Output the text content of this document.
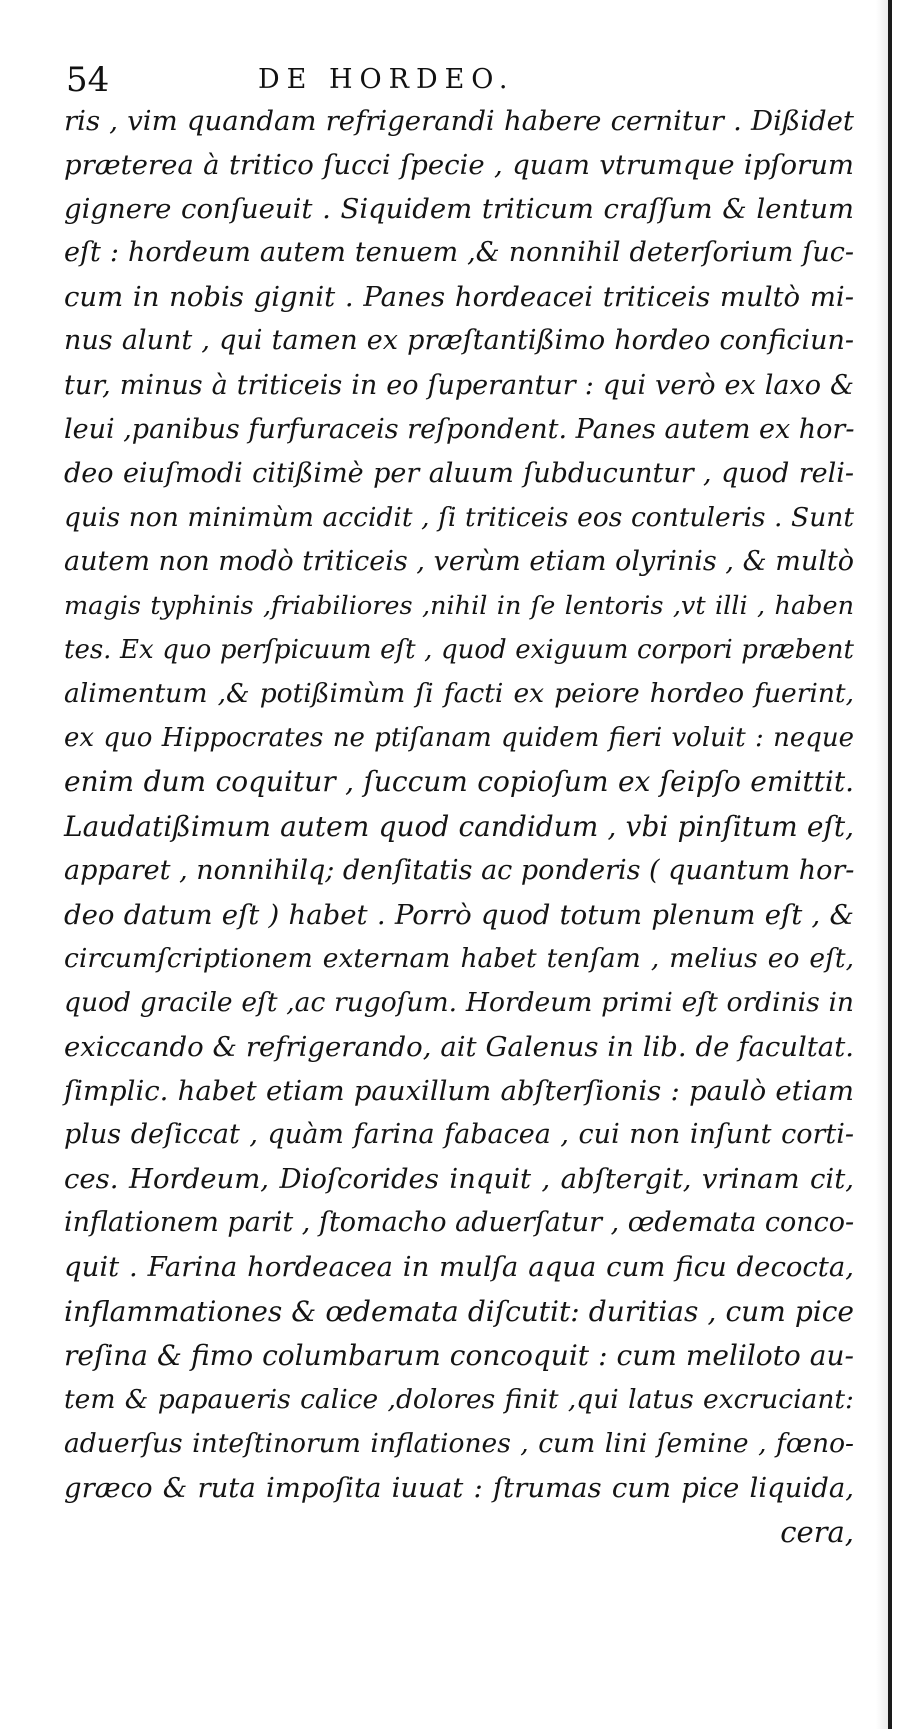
54	DE HORDEO.
ris , vim quandam refrigerandi habere cernitur . Dißidet
præterea à tritico ſucci ſpecie , quam vtrumque ipſorum
gignere conſueuit . Siquidem triticum craſſum & lentum
eſt : hordeum autem tenuem ,& nonnihil deterſorium ſuc-
cum in nobis gignit . Panes hordeacei triticeis multò mi-
nus alunt , qui tamen ex præſtantißimo hordeo conficiun-
tur, minus à triticeis in eo ſuperantur : qui verò ex laxo &
leui ,panibus furfuraceis reſpondent. Panes autem ex hor-
deo eiuſmodi citißimè per aluum ſubducuntur , quod reli-
quis non minimùm accidit , ſi triticeis eos contuleris . Sunt
autem non modò triticeis , verùm etiam olyrinis , & multò
magis typhinis ,friabiliores ,nihil in ſe lentoris ,vt illi , haben
tes. Ex quo perſpicuum eſt , quod exiguum corpori præbent
alimentum ,& potißimùm ſi facti ex peiore hordeo fuerint,
ex quo Hippocrates ne ptiſanam quidem fieri voluit : neque
enim dum coquitur , ſuccum copioſum ex ſeipſo emittit.
Laudatißimum autem quod candidum , vbi pinſitum eſt,
apparet , nonnihilq; denſitatis ac ponderis ( quantum hor-
deo datum eſt ) habet . Porrò quod totum plenum eſt , &
circumſcriptionem externam habet tenſam , melius eo eſt,
quod gracile eſt ,ac rugoſum. Hordeum primi eſt ordinis in
exiccando & refrigerando, ait Galenus in lib. de facultat.
ſimplic. habet etiam pauxillum abſterſionis : paulò etiam
plus deſiccat , quàm farina fabacea , cui non inſunt corti-
ces. Hordeum, Dioſcorides inquit , abſtergit, vrinam cit,
inflationem parit , ſtomacho aduerſatur , œdemata conco-
quit . Farina hordeacea in mulſa aqua cum ficu decocta,
inflammationes & œdemata diſcutit: duritias , cum pice
reſina & fimo columbarum concoquit : cum meliloto au-
tem & papaueris calice ,dolores finit ,qui latus excruciant:
aduerſus inteſtinorum inflationes , cum lini ſemine , fœno-
græco & ruta impoſita iuuat : ſtrumas cum pice liquida,
cera,
